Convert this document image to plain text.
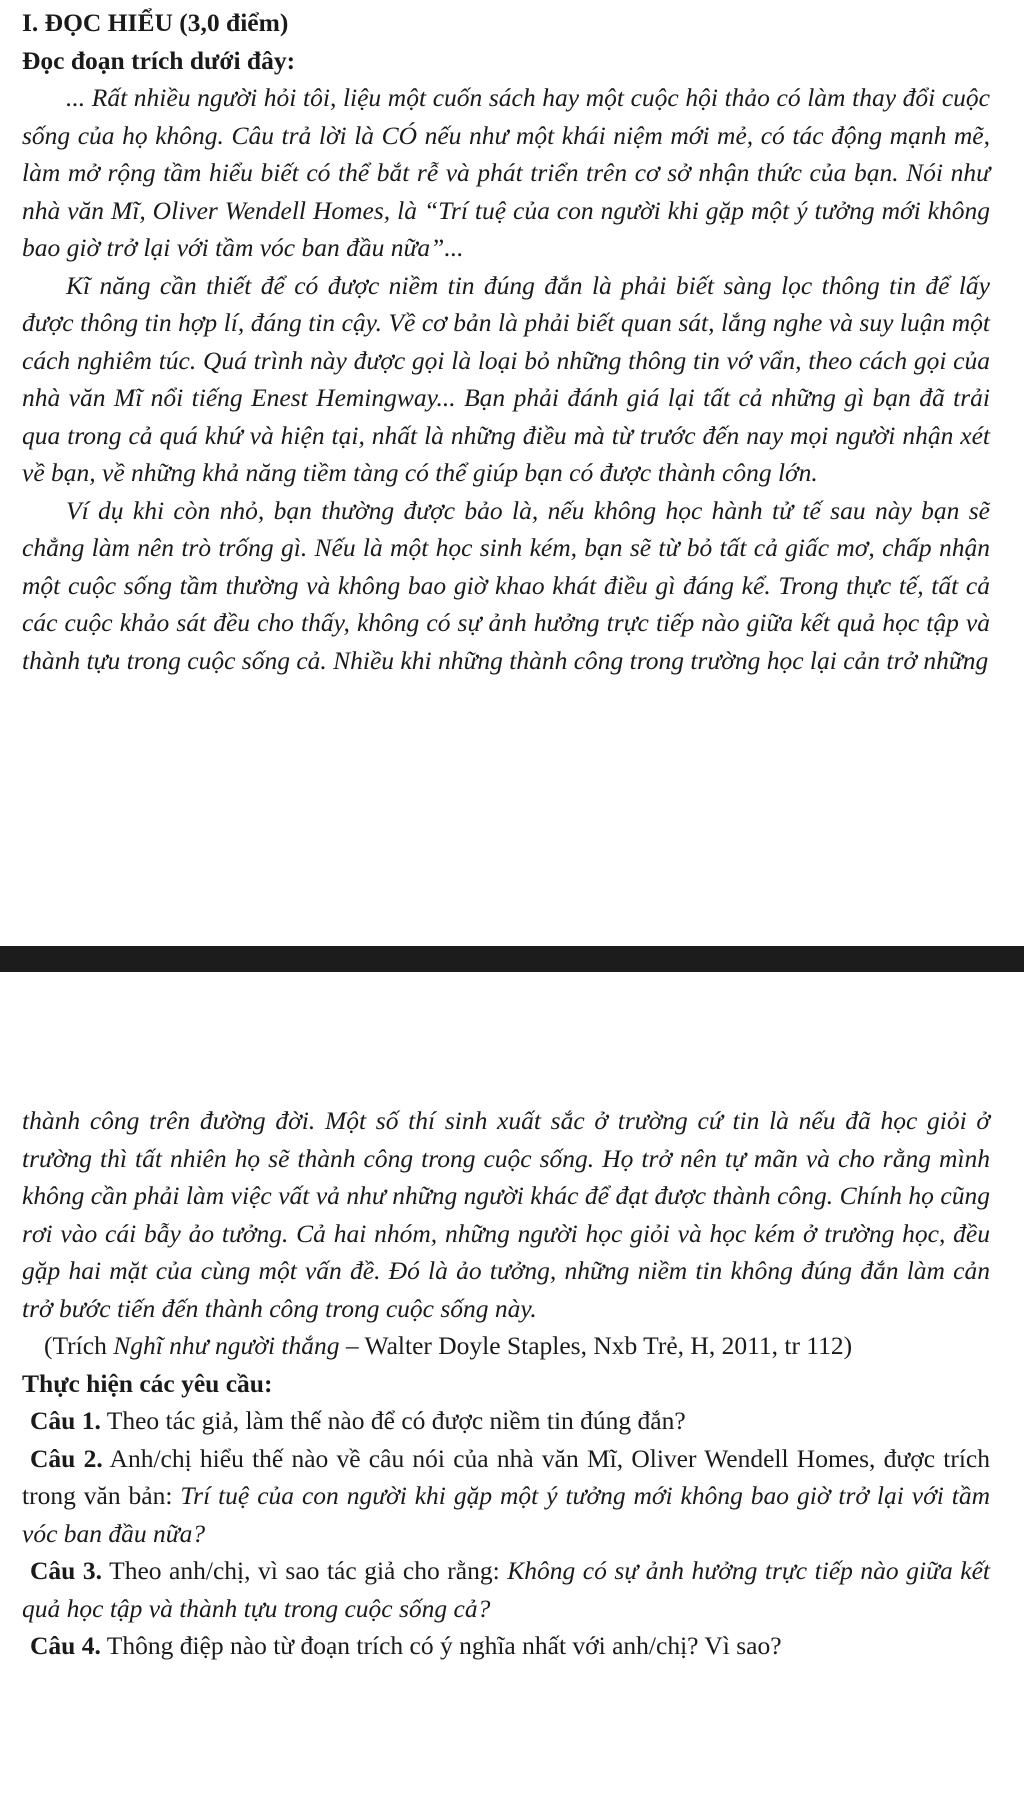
I. ĐỌC HIỂU (3,0 điểm)

Đọc đoạn trích dưới đây:

... Rất nhiều người hỏi tôi, liệu một cuốn sách hay một cuộc hội thảo có làm thay đổi cuộc sống của họ không. Câu trả lời là CÓ nếu như một khái niệm mới mẻ, có tác động mạnh mẽ, làm mở rộng tầm hiểu biết có thể bắt rễ và phát triển trên cơ sở nhận thức của bạn. Nói như nhà văn Mĩ, Oliver Wendell Homes, là “Trí tuệ của con người khi gặp một ý tưởng mới không bao giờ trở lại với tầm vóc ban đầu nữa”...

Kĩ năng cần thiết để có được niềm tin đúng đắn là phải biết sàng lọc thông tin để lấy được thông tin hợp lí, đáng tin cậy. Về cơ bản là phải biết quan sát, lắng nghe và suy luận một cách nghiêm túc. Quá trình này được gọi là loại bỏ những thông tin vớ vẩn, theo cách gọi của nhà văn Mĩ nổi tiếng Enest Hemingway... Bạn phải đánh giá lại tất cả những gì bạn đã trải qua trong cả quá khứ và hiện tại, nhất là những điều mà từ trước đến nay mọi người nhận xét về bạn, về những khả năng tiềm tàng có thể giúp bạn có được thành công lớn.

Ví dụ khi còn nhỏ, bạn thường được bảo là, nếu không học hành tử tế sau này bạn sẽ chẳng làm nên trò trống gì. Nếu là một học sinh kém, bạn sẽ từ bỏ tất cả giấc mơ, chấp nhận một cuộc sống tầm thường và không bao giờ khao khát điều gì đáng kể. Trong thực tế, tất cả các cuộc khảo sát đều cho thấy, không có sự ảnh hưởng trực tiếp nào giữa kết quả học tập và thành tựu trong cuộc sống cả. Nhiều khi những thành công trong trường học lại cản trở những

thành công trên đường đời. Một số thí sinh xuất sắc ở trường cứ tin là nếu đã học giỏi ở trường thì tất nhiên họ sẽ thành công trong cuộc sống. Họ trở nên tự mãn và cho rằng mình không cần phải làm việc vất vả như những người khác để đạt được thành công. Chính họ cũng rơi vào cái bẫy ảo tưởng. Cả hai nhóm, những người học giỏi và học kém ở trường học, đều gặp hai mặt của cùng một vấn đề. Đó là ảo tưởng, những niềm tin không đúng đắn làm cản trở bước tiến đến thành công trong cuộc sống này.

(Trích Nghĩ như người thắng – Walter Doyle Staples, Nxb Trẻ, H, 2011, tr 112)

Thực hiện các yêu cầu:

Câu 1. Theo tác giả, làm thế nào để có được niềm tin đúng đắn?

Câu 2. Anh/chị hiểu thế nào về câu nói của nhà văn Mĩ, Oliver Wendell Homes, được trích trong văn bản: Trí tuệ của con người khi gặp một ý tưởng mới không bao giờ trở lại với tầm vóc ban đầu nữa?

Câu 3. Theo anh/chị, vì sao tác giả cho rằng: Không có sự ảnh hưởng trực tiếp nào giữa kết quả học tập và thành tựu trong cuộc sống cả?

Câu 4. Thông điệp nào từ đoạn trích có ý nghĩa nhất với anh/chị? Vì sao?
